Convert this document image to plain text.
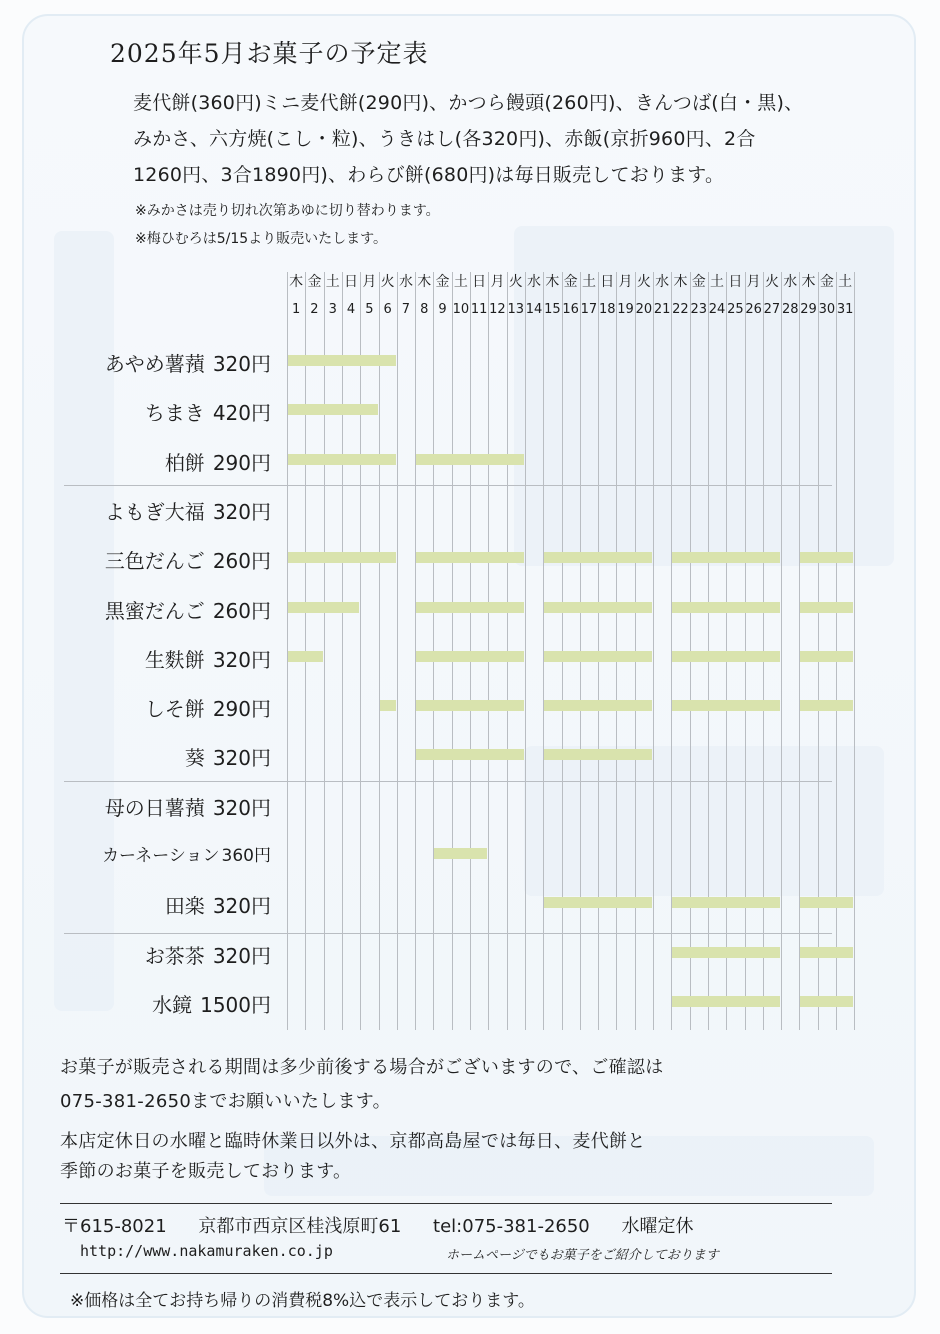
2025年5月お菓子の予定表
麦代餅(360円)ミニ麦代餅(290円)、かつら饅頭(260円)、きんつば(白・黒)、
みかさ、六方焼(こし・粒)、うきはし(各320円)、赤飯(京折960円、2合
1260円、3合1890円)、わらび餅(680円)は毎日販売しております。
※みかさは売り切れ次第あゆに切り替わります。
※梅ひむろは5/15より販売いたします。
木
1
金
2
土
3
日
4
月
5
火
6
水
7
木
8
金
9
土
10
日
11
月
12
火
13
水
14
木
15
金
16
土
17
日
18
月
19
火
20
水
21
木
22
金
23
土
24
日
25
月
26
火
27
水
28
木
29
金
30
土
31
あやめ薯蕷 320円
ちまき 420円
柏餅 290円
よもぎ大福 320円
三色だんご 260円
黒蜜だんご 260円
生麩餅 320円
しそ餅 290円
葵 320円
母の日薯蕷 320円
カーネーション 360円
田楽 320円
お茶茶 320円
水鏡 1500円
お菓子が販売される期間は多少前後する場合がございますので、ご確認は
075-381-2650までお願いいたします。
本店定休日の水曜と臨時休業日以外は、京都高島屋では毎日、麦代餅と
季節のお菓子を販売しております。
〒615-8021 京都市西京区桂浅原町61 tel:075-381-2650 水曜定休
http://www.nakamuraken.co.jp	ホームページでもお菓子をご紹介しております
※価格は全てお持ち帰りの消費税8%込で表示しております。
